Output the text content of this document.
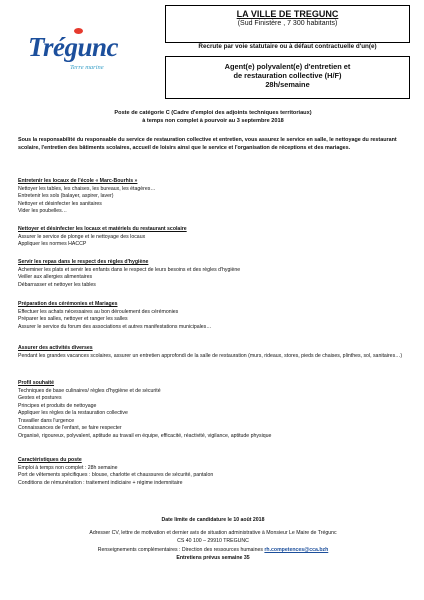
Trégunc
Terre marine
LA VILLE DE TREGUNC
(Sud Finistère , 7 300 habitants)
Recrute par voie statutaire ou à défaut contractuelle d'un(e)
Agent(e) polyvalent(e) d'entretien et
de restauration collective (H/F)
28h/semaine
Poste de catégorie C (Cadre d'emploi des adjoints techniques territoriaux)
à temps non complet à pourvoir au 3 septembre 2018
Sous la responsabilité du responsable du service de restauration collective et entretien, vous assurez le service en salle, le nettoyage du restaurant scolaire, l'entretien des bâtiments scolaires, accueil de loisirs ainsi que le service et l'organisation de réceptions et des mariages.
Entretenir les locaux de l'école « Marc-Bourhis »
Nettoyer les tables, les chaises, les bureaux, les étagères…
Entretenir les sols (balayer, aspirer, laver)
Nettoyer et désinfecter les sanitaires
Vider les poubelles…
Nettoyer et désinfecter les locaux et matériels du restaurant scolaire
Assurer le service de plonge et le nettoyage des locaux
Appliquer les normes HACCP
Servir les repas dans le respect des règles d'hygiène
Acheminer les plats et servir les enfants dans le respect de leurs besoins et des règles d'hygiène
Veiller aux allergies alimentaires
Débarrasser et nettoyer les tables
Préparation des cérémonies et Mariages
Effectuer les achats nécessaires au bon déroulement des cérémonies
Préparer les salles, nettoyer et ranger les salles
Assurer le service du forum des associations et autres manifestations municipales…
Assurer des activités diverses
Pendant les grandes vacances scolaires, assurer un entretien approfondi de la salle de restauration (murs, rideaux, stores, pieds de chaises, plinthes, sol, sanitaires…)
Profil souhaité
Techniques de base culinaires/ règles d'hygiène et de sécurité
Gestes et postures
Principes et produits de nettoyage
Appliquer les règles de la restauration collective
Travailler dans l'urgence
Connaissances de l'enfant, se faire respecter
Organisé, rigoureux, polyvalent, aptitude au travail en équipe, efficacité, réactivité, vigilance, aptitude physique
Caractéristiques du poste
Emploi à temps non complet : 28h semaine
Port de vêtements spécifiques : blouse, charlotte et chaussures de sécurité, pantalon
Conditions de rémunération : traitement indiciaire + régime indemnitaire
Date limite de candidature le 10 août 2018
Adresser CV, lettre de motivation et dernier avis de situation administrative à Monsieur Le Maire de Trégunc
CS 40 100 – 29910 TREGUNC
Renseignements complémentaires : Direction des ressources humaines rh.competences@cca.bzh
Entretiens prévus semaine 35
